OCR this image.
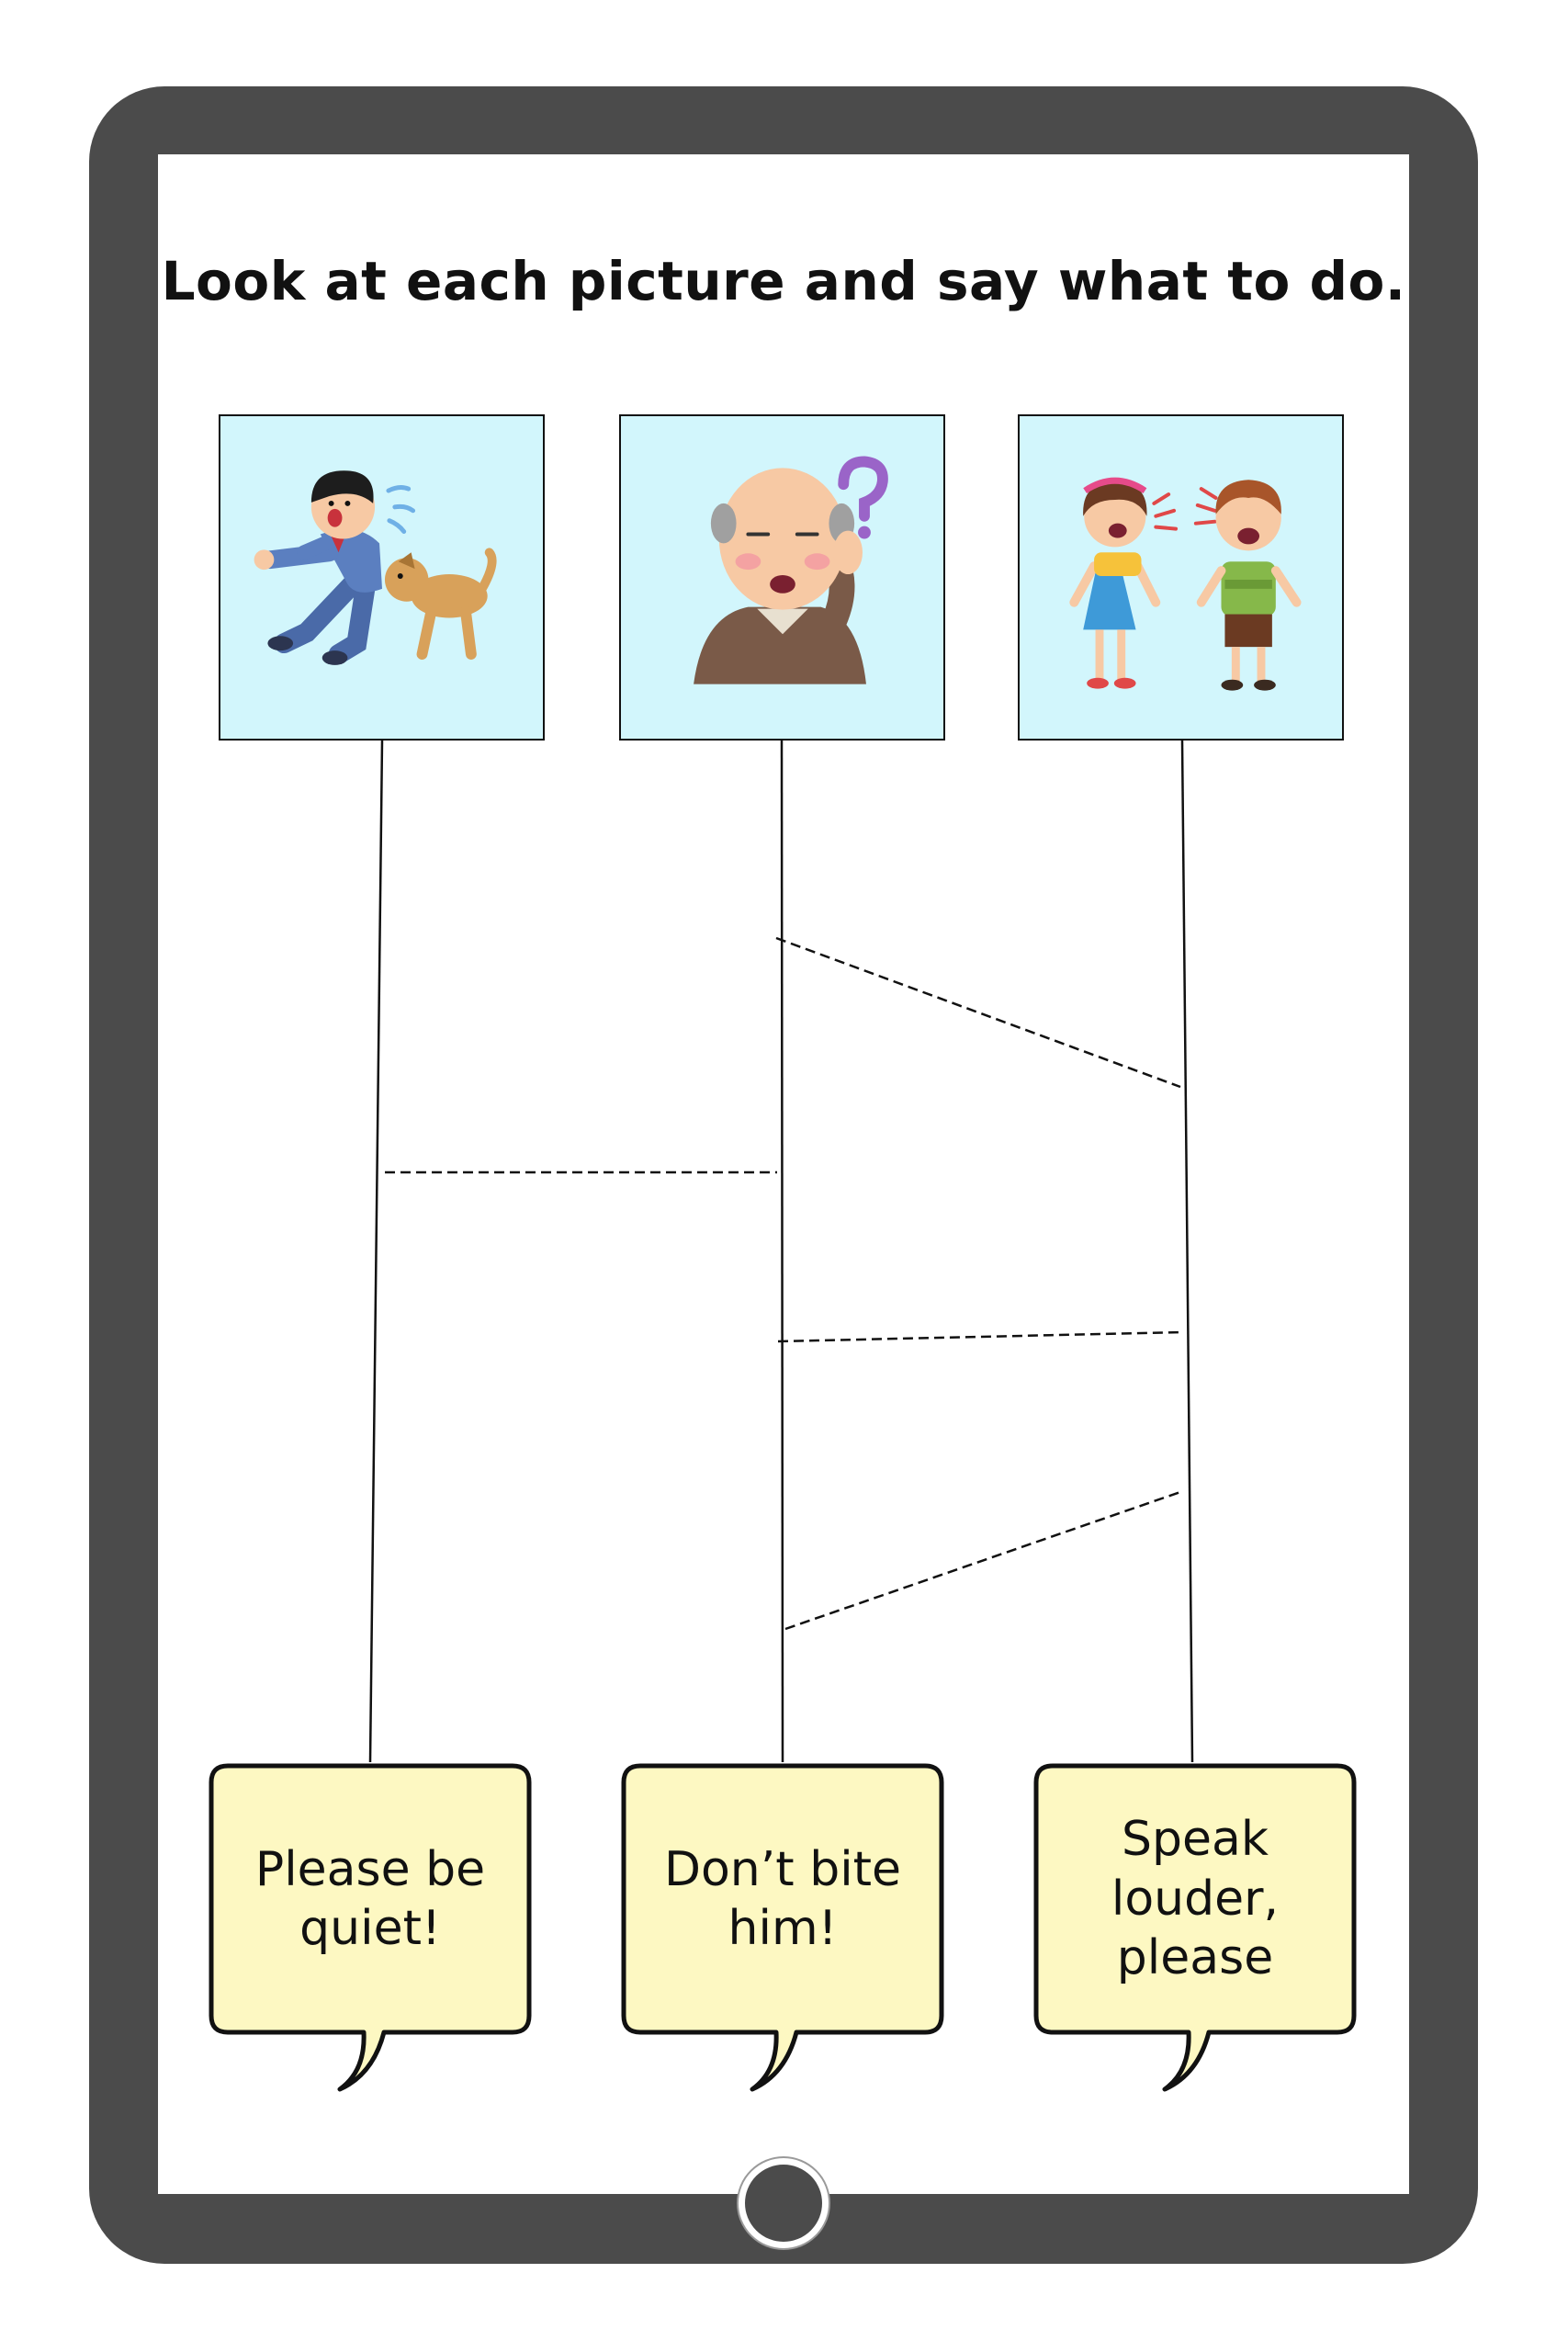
Look at each picture and say what to do.
Please be quiet!
Don’t bite him!
Speak louder, please
